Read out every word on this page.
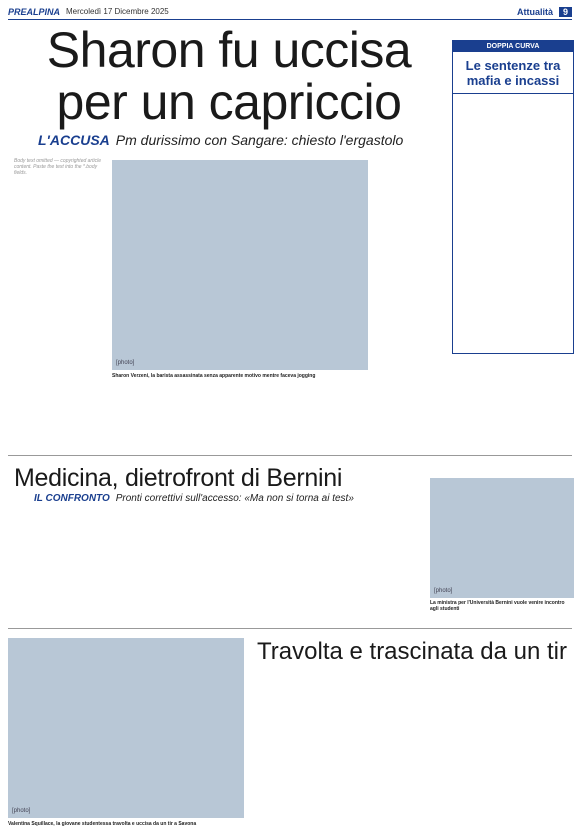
PREALPINA Mercoledì 17 Dicembre 2025	Attualità	9
Sharon fu uccisa
per un capriccio
L'ACCUSA Pm durissimo con Sangare: chiesto l'ergastolo

Body text omitted — copyrighted article content. Paste the text into the *.body fields.
[photo]
Sharon Verzeni, la barista assassinata senza apparente motivo mentre faceva jogging
DOPPIA CURVA
Le sentenze tra mafia e incassi

Medicina, dietrofront di Bernini
IL CONFRONTO Pronti correttivi sull'accesso: «Ma non si torna ai test»

[photo]
La ministra per l'Università Bernini vuole venire incontro agli studenti
[photo]
Valentina Squillace, la giovane studentessa travolta e uccisa da un tir a Savona
Travolta e trascinata da un tir
